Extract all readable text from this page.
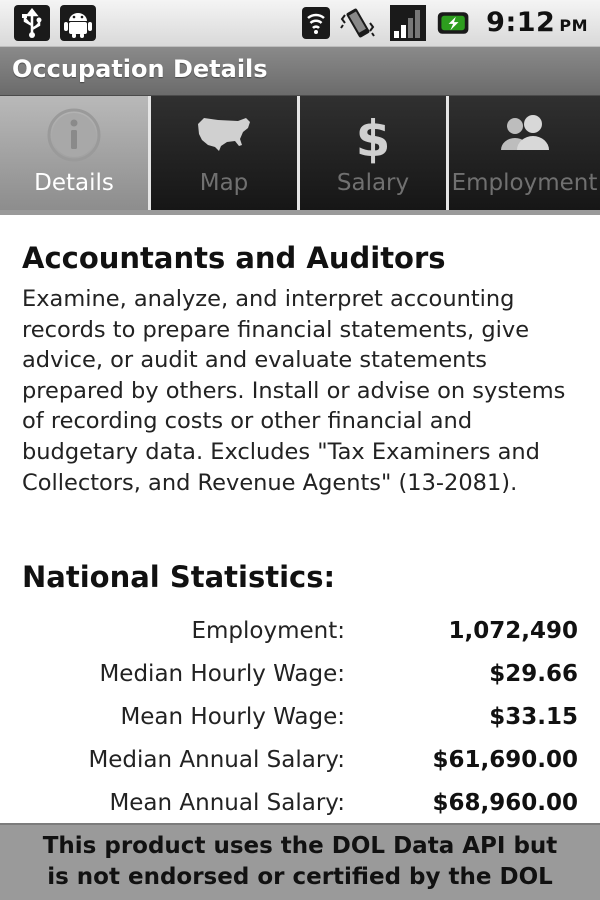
9:12 PM
Occupation Details
Details	Map
$
Salary	Employment
Accountants and Auditors

Examine, analyze, and interpret accounting records to prepare financial statements, give advice, or audit and evaluate statements prepared by others. Install or advise on systems of recording costs or other financial and budgetary data. Excludes "Tax Examiners and Collectors, and Revenue Agents" (13-2081).

National Statistics:
Employment:	1,072,490
Median Hourly Wage:	$29.66
Mean Hourly Wage:	$33.15
Median Annual Salary:	$61,690.00
Mean Annual Salary:	$68,960.00
This product uses the DOL Data API but
is not endorsed or certified by the DOL
